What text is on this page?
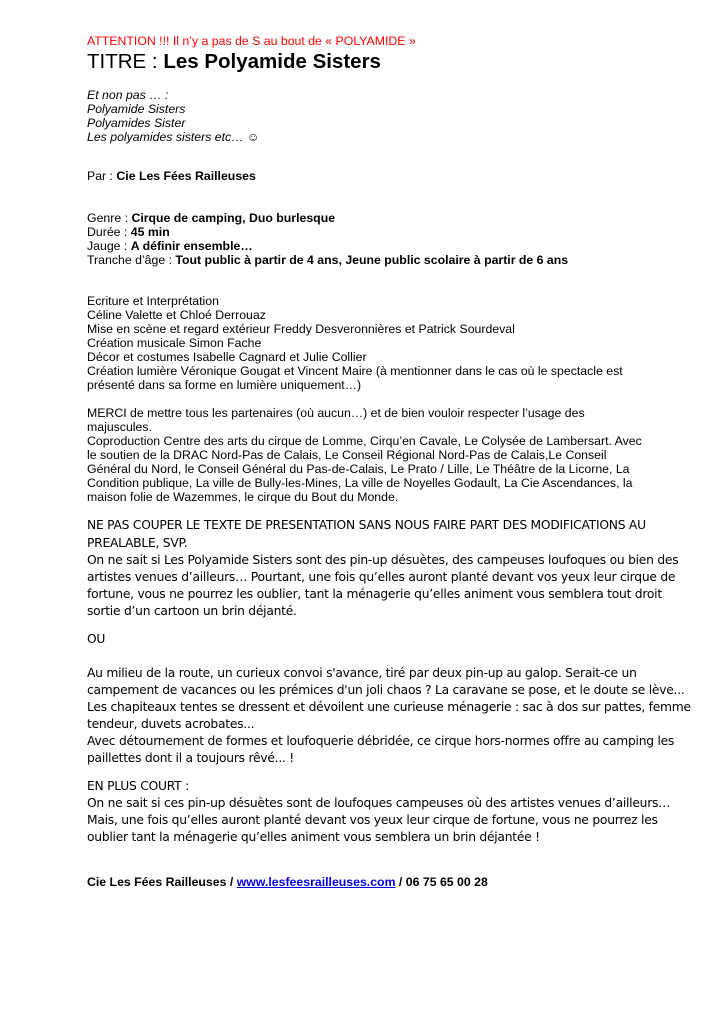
ATTENTION !!! Il n’y a pas de S au bout de « POLYAMIDE »
TITRE : Les Polyamide Sisters
Et non pas … :
Polyamide Sisters
Polyamides Sister
Les polyamides sisters etc… ☺
Par : Cie Les Fées Railleuses
Genre : Cirque de camping, Duo burlesque
Durée : 45 min
Jauge : A définir ensemble…
Tranche d’âge : Tout public à partir de 4 ans, Jeune public scolaire à partir de 6 ans
Ecriture et Interprétation
Céline Valette et Chloé Derrouaz
Mise en scène et regard extérieur Freddy Desveronnières et Patrick Sourdeval
Création musicale Simon Fache
Décor et costumes Isabelle Cagnard et Julie Collier
Création lumière Véronique Gougat et Vincent Maire (à mentionner dans le cas où le spectacle est
présenté dans sa forme en lumière uniquement…)
MERCI de mettre tous les partenaires (où aucun…) et de bien vouloir respecter l’usage des
majuscules.
Coproduction Centre des arts du cirque de Lomme, Cirqu’en Cavale, Le Colysée de Lambersart. Avec
le soutien de la DRAC Nord-Pas de Calais, Le Conseil Régional Nord-Pas de Calais,Le Conseil
Général du Nord, le Conseil Général du Pas-de-Calais, Le Prato / Lille, Le Théâtre de la Licorne, La
Condition publique, La ville de Bully-les-Mines, La ville de Noyelles Godault, La Cie Ascendances, la
maison folie de Wazemmes, le cirque du Bout du Monde.
NE PAS COUPER LE TEXTE DE PRESENTATION SANS NOUS FAIRE PART DES MODIFICATIONS AU
PREALABLE, SVP.
On ne sait si Les Polyamide Sisters sont des pin-up désuètes, des campeuses loufoques ou bien des
artistes venues d’ailleurs… Pourtant, une fois qu’elles auront planté devant vos yeux leur cirque de
fortune, vous ne pourrez les oublier, tant la ménagerie qu’elles animent vous semblera tout droit
sortie d’un cartoon un brin déjanté.
OU
Au milieu de la route, un curieux convoi s'avance, tiré par deux pin-up au galop. Serait-ce un
campement de vacances ou les prémices d'un joli chaos ? La caravane se pose, et le doute se lève...
Les chapiteaux tentes se dressent et dévoilent une curieuse ménagerie : sac à dos sur pattes, femme
tendeur, duvets acrobates...
Avec détournement de formes et loufoquerie débridée, ce cirque hors-normes offre au camping les
paillettes dont il a toujours rêvé... !
EN PLUS COURT :
On ne sait si ces pin-up désuètes sont de loufoques campeuses où des artistes venues d’ailleurs…
Mais, une fois qu’elles auront planté devant vos yeux leur cirque de fortune, vous ne pourrez les
oublier tant la ménagerie qu’elles animent vous semblera un brin déjantée !
Cie Les Fées Railleuses / www.lesfeesrailleuses.com / 06 75 65 00 28
